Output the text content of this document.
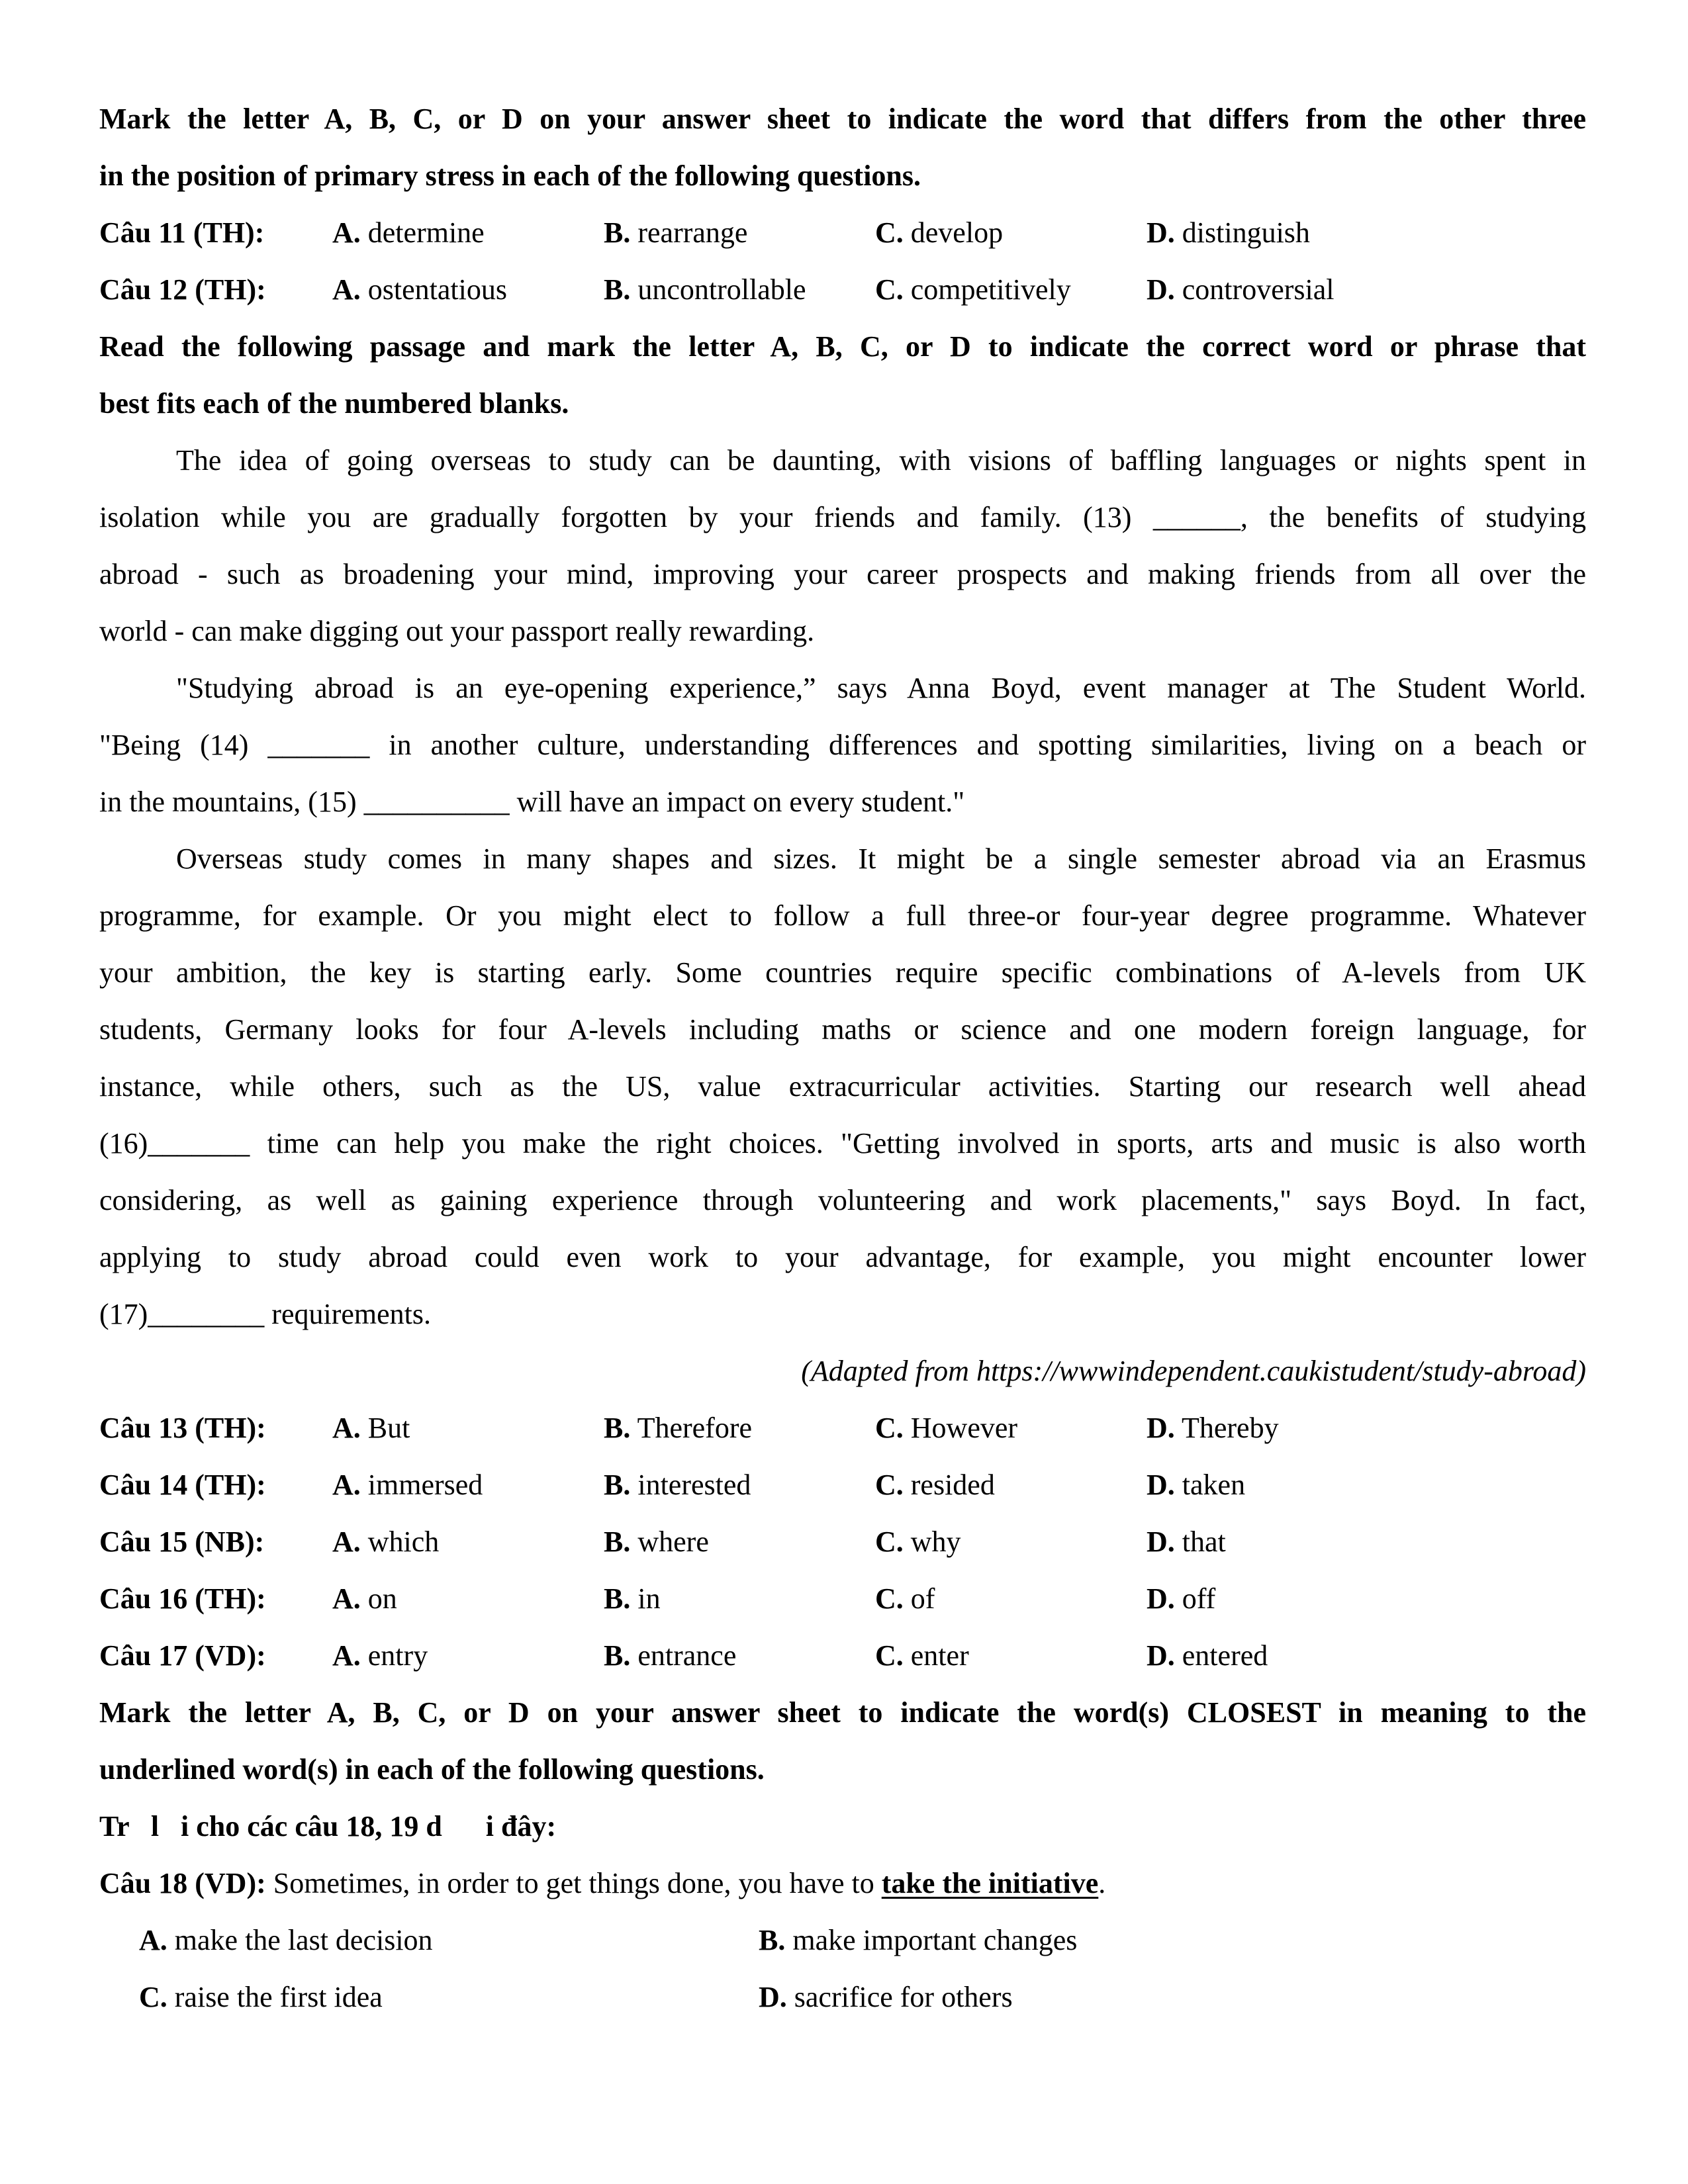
Mark the letter A, B, C, or D on your answer sheet to indicate the word that differs from the other three
in the position of primary stress in each of the following questions.
Câu 11 (TH): A. determine	B. rearrange	C. develop	D. distinguish
Câu 12 (TH): A. ostentatious	B. uncontrollable C. competitively	D. controversial
Read the following passage and mark the letter A, B, C, or D to indicate the correct word or phrase that
best fits each of the numbered blanks.
The idea of going overseas to study can be daunting, with visions of baffling languages or nights spent in
isolation while you are gradually forgotten by your friends and family. (13) ______, the benefits of studying
abroad - such as broadening your mind, improving your career prospects and making friends from all over the
world - can make digging out your passport really rewarding.
"Studying abroad is an eye-opening experience,” says Anna Boyd, event manager at The Student World.
"Being (14) _______ in another culture, understanding differences and spotting similarities, living on a beach or
in the mountains, (15) __________ will have an impact on every student."
Overseas study comes in many shapes and sizes. It might be a single semester abroad via an Erasmus
programme, for example. Or you might elect to follow a full three-or four-year degree programme. Whatever
your ambition, the key is starting early. Some countries require specific combinations of A-levels from UK
students, Germany looks for four A-levels including maths or science and one modern foreign language, for
instance, while others, such as the US, value extracurricular activities. Starting our research well ahead
(16)_______ time can help you make the right choices. "Getting involved in sports, arts and music is also worth
considering, as well as gaining experience through volunteering and work placements," says Boyd. In fact,
applying to study abroad could even work to your advantage, for example, you might encounter lower
(17)________ requirements.
(Adapted from https://wwwindependent.caukistudent/study-abroad)
Câu 13 (TH): A. But	B. Therefore	C. However	D. Thereby
Câu 14 (TH): A. immersed	B. interested	C. resided	D. taken
Câu 15 (NB): A. which	B. where	C. why	D. that
Câu 16 (TH): A. on	B. in	C. of	D. off
Câu 17 (VD): A. entry	B. entrance	C. enter	D. entered
Mark the letter A, B, C, or D on your answer sheet to indicate the word(s) CLOSEST in meaning to the
underlined word(s) in each of the following questions.
Tr   l   i cho các câu 18, 19 d      i đây:
Câu 18 (VD): Sometimes, in order to get things done, you have to take the initiative.
A. make the last decision	B. make important changes
C. raise the first idea	D. sacrifice for others
